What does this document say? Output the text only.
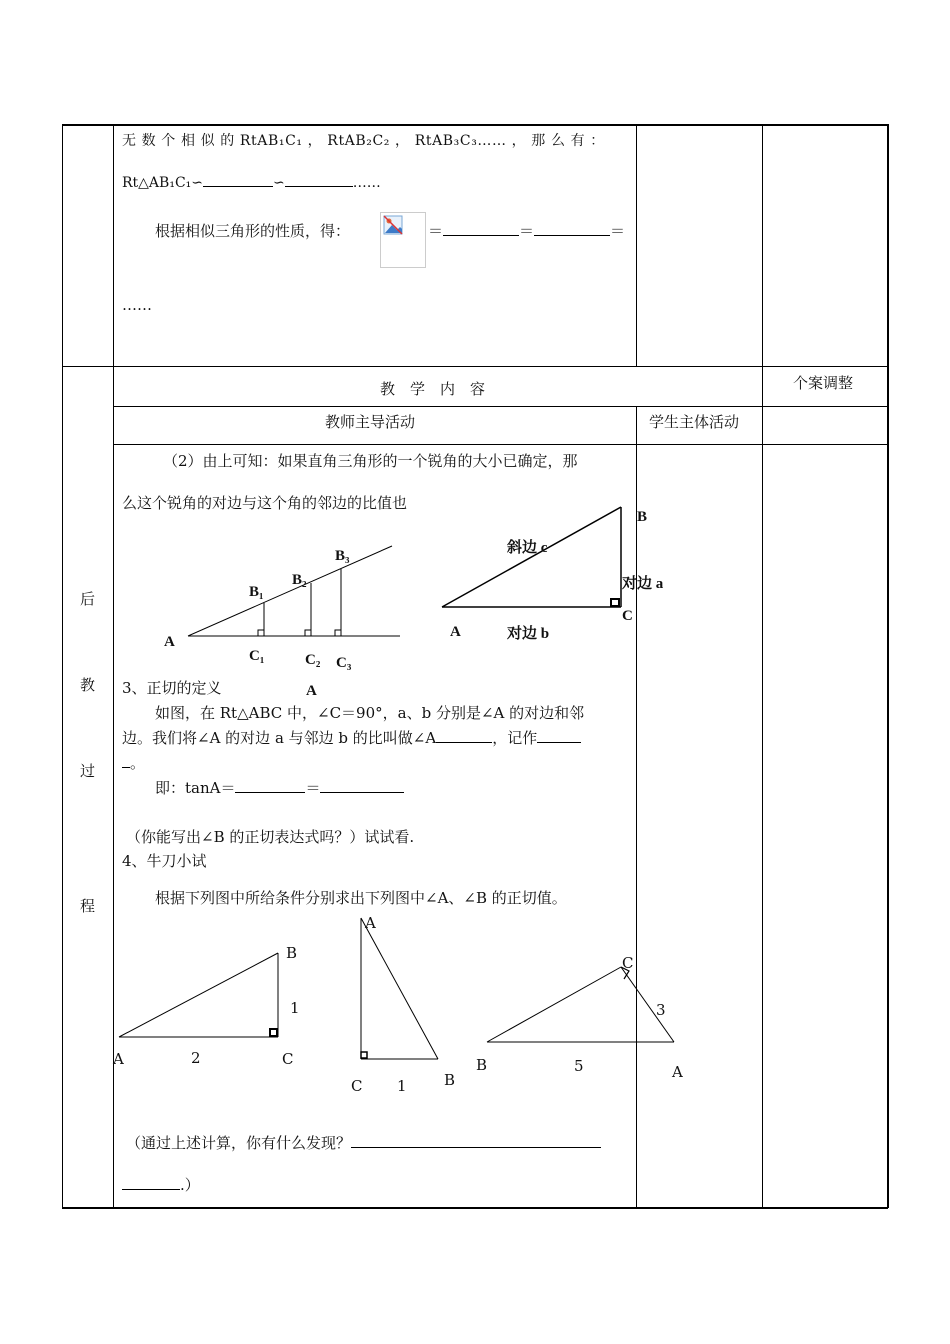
无 数 个 相 似 的 RtAB₁C₁ ， RtAB₂C₂ ， RtAB₃C₃…… ， 那 么 有 ：
Rt△AB₁C₁∽	∽	……
根据相似三角形的性质，得：	＝	＝	＝
……
教　学　内　容	个案调整
教师主导活动	学生主体活动
后
教
过
程
（2）由上可知：如果直角三角形的一个锐角的大小已确定，那
么这个锐角的对边与这个角的邻边的比值也
A
B₁
B₂
B₃
C₁	C₂ C₃
A
B
斜边 c
对边 a
C
A	对边 b
3、正切的定义
如图，在 Rt△ABC 中，∠C＝90°，a、b 分别是∠A 的对边和邻
边。我们将∠A 的对边 a 与邻边 b 的比叫做∠A	，记作
。
即：tanA＝	＝
（你能写出∠B 的正切表达式吗？）试试看.
4、牛刀小试
根据下列图中所给条件分别求出下列图中∠A、∠B 的正切值。
B
1
A	2	C
A
C 1 B
C
3
B	5	A
（通过上述计算，你有什么发现？
.）
